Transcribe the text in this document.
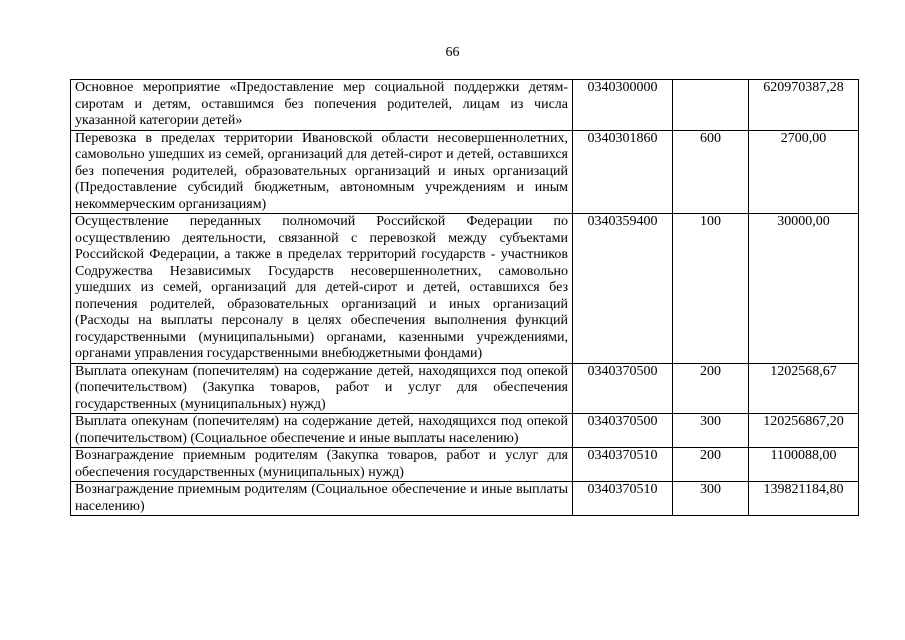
66
Основное мероприятие «Предоставление мер социальной поддержки детям-сиротам и детям, оставшимся без попечения родителей, лицам из числа указанной категории детей»	0340300000		620970387,28
Перевозка в пределах территории Ивановской области несовершеннолетних, самовольно ушедших из семей, организаций для детей-сирот и детей, оставшихся без попечения родителей, образовательных организаций и иных организаций (Предоставление субсидий бюджетным, автономным учреждениям и иным некоммерческим организациям)	0340301860	600	2700,00
Осуществление переданных полномочий Российской Федерации по осуществлению деятельности, связанной с перевозкой между субъектами Российской Федерации, а также в пределах территорий государств - участников Содружества Независимых Государств несовершеннолетних, самовольно ушедших из семей, организаций для детей-сирот и детей, оставшихся без попечения родителей, образовательных организаций и иных организаций (Расходы на выплаты персоналу в целях обеспечения выполнения функций государственными (муниципальными) органами, казенными учреждениями, органами управления государственными внебюджетными фондами)	0340359400	100	30000,00
Выплата опекунам (попечителям) на содержание детей, находящихся под опекой (попечительством) (Закупка товаров, работ и услуг для обеспечения государственных (муниципальных) нужд)	0340370500	200	1202568,67
Выплата опекунам (попечителям) на содержание детей, находящихся под опекой (попечительством) (Социальное обеспечение и иные выплаты населению)	0340370500	300	120256867,20
Вознаграждение приемным родителям (Закупка товаров, работ и услуг для обеспечения государственных (муниципальных) нужд)	0340370510	200	1100088,00
Вознаграждение приемным родителям (Социальное обеспечение и иные выплаты населению)	0340370510	300	139821184,80
